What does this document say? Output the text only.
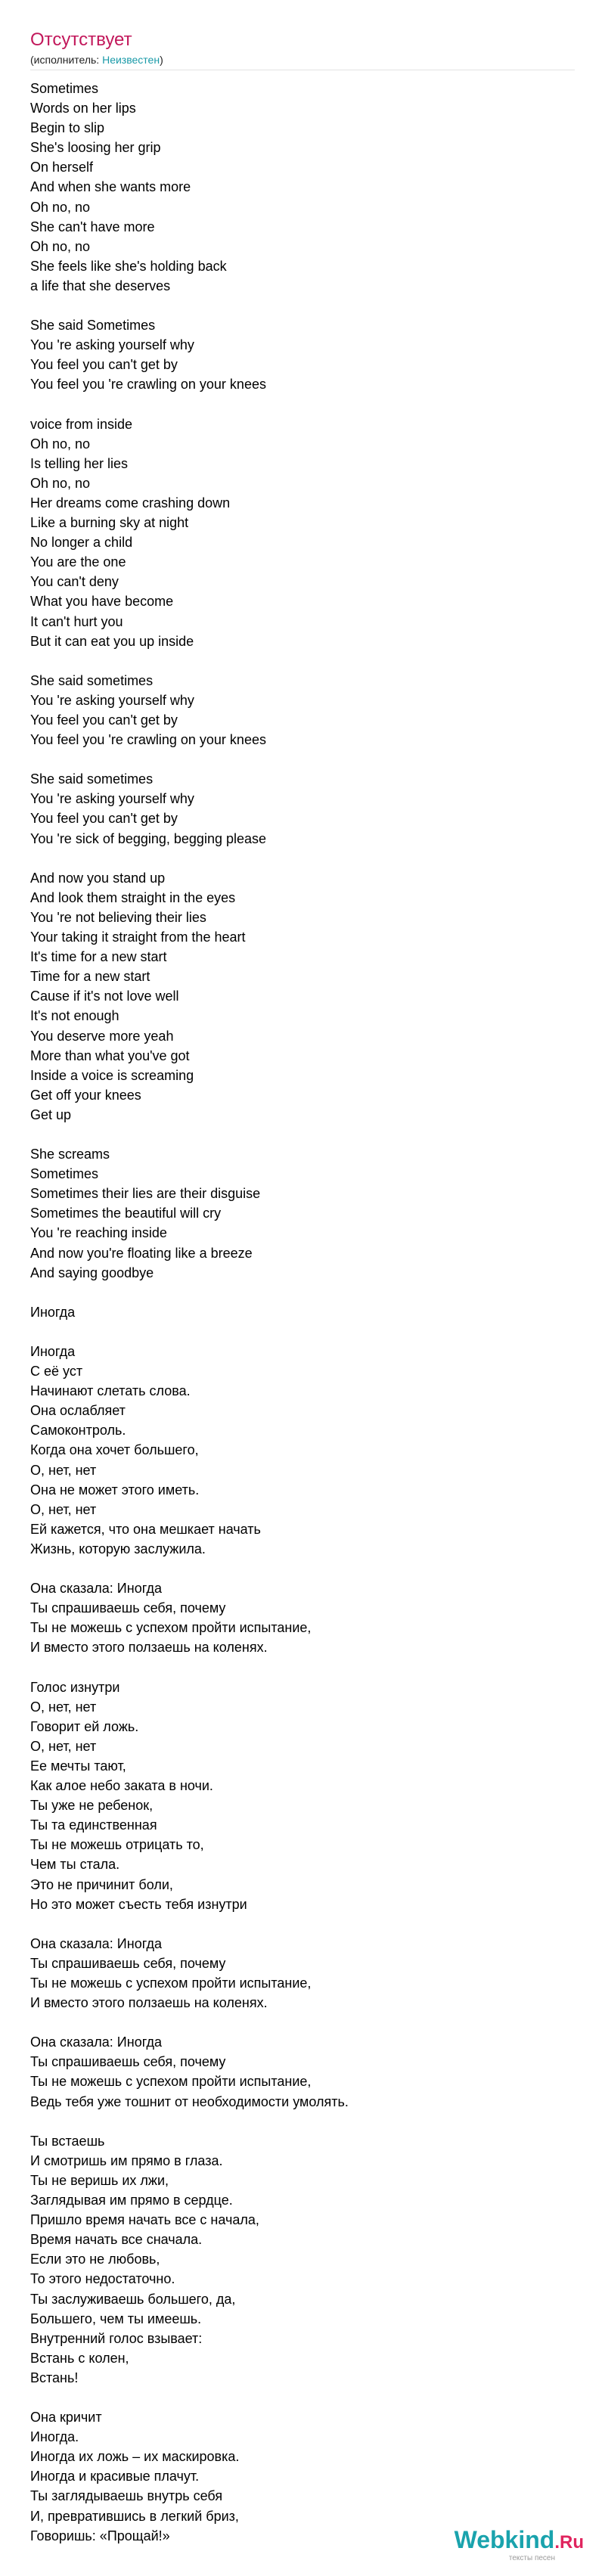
Отсутствует
(исполнитель: Неизвестен)
Sometimes
Words on her lips
Begin to slip
She's loosing her grip
On herself
And when she wants more
Oh no, no
She can't have more
Oh no, no
She feels like she's holding back
a life that she deserves
She said Sometimes
You 're asking yourself why
You feel you can't get by
You feel you 're crawling on your knees
voice from inside
Oh no, no
Is telling her lies
Oh no, no
Her dreams come crashing down
Like a burning sky at night
No longer a child
You are the one
You can't deny
What you have become
It can't hurt you
But it can eat you up inside
She said sometimes
You 're asking yourself why
You feel you can't get by
You feel you 're crawling on your knees
She said sometimes
You 're asking yourself why
You feel you can't get by
You 're sick of begging, begging please
And now you stand up
And look them straight in the eyes
You 're not believing their lies
Your taking it straight from the heart
It's time for a new start
Time for a new start
Cause if it's not love well
It's not enough
You deserve more yeah
More than what you've got
Inside a voice is screaming
Get off your knees
Get up
She screams
Sometimes
Sometimes their lies are their disguise
Sometimes the beautiful will cry
You 're reaching inside
And now you're floating like a breeze
And saying goodbye
Иногда
Иногда
С её уст
Начинают слетать слова.
Она ослабляет
Самоконтроль.
Когда она хочет большего,
О, нет, нет
Она не может этого иметь.
О, нет, нет
Ей кажется, что она мешкает начать
Жизнь, которую заслужила.
Она сказала: Иногда
Ты спрашиваешь себя, почему
Ты не можешь с успехом пройти испытание,
И вместо этого ползаешь на коленях.
Голос изнутри
О, нет, нет
Говорит ей ложь.
О, нет, нет
Ее мечты тают,
Как алое небо заката в ночи.
Ты уже не ребенок,
Ты та единственная
Ты не можешь отрицать то,
Чем ты стала.
Это не причинит боли,
Но это может съесть тебя изнутри
Она сказала: Иногда
Ты спрашиваешь себя, почему
Ты не можешь с успехом пройти испытание,
И вместо этого ползаешь на коленях.
Она сказала: Иногда
Ты спрашиваешь себя, почему
Ты не можешь с успехом пройти испытание,
Ведь тебя уже тошнит от необходимости умолять.
Ты встаешь
И смотришь им прямо в глаза.
Ты не веришь их лжи,
Заглядывая им прямо в сердце.
Пришло время начать все с начала,
Время начать все сначала.
Если это не любовь,
То этого недостаточно.
Ты заслуживаешь большего, да,
Большего, чем ты имеешь.
Внутренний голос взывает:
Встань с колен,
Встань!
Она кричит
Иногда.
Иногда их ложь – их маскировка.
Иногда и красивые плачут.
Ты заглядываешь внутрь себя
И, превратившись в легкий бриз,
Говоришь: «Прощай!»	Webkind.Ru
тексты песен
